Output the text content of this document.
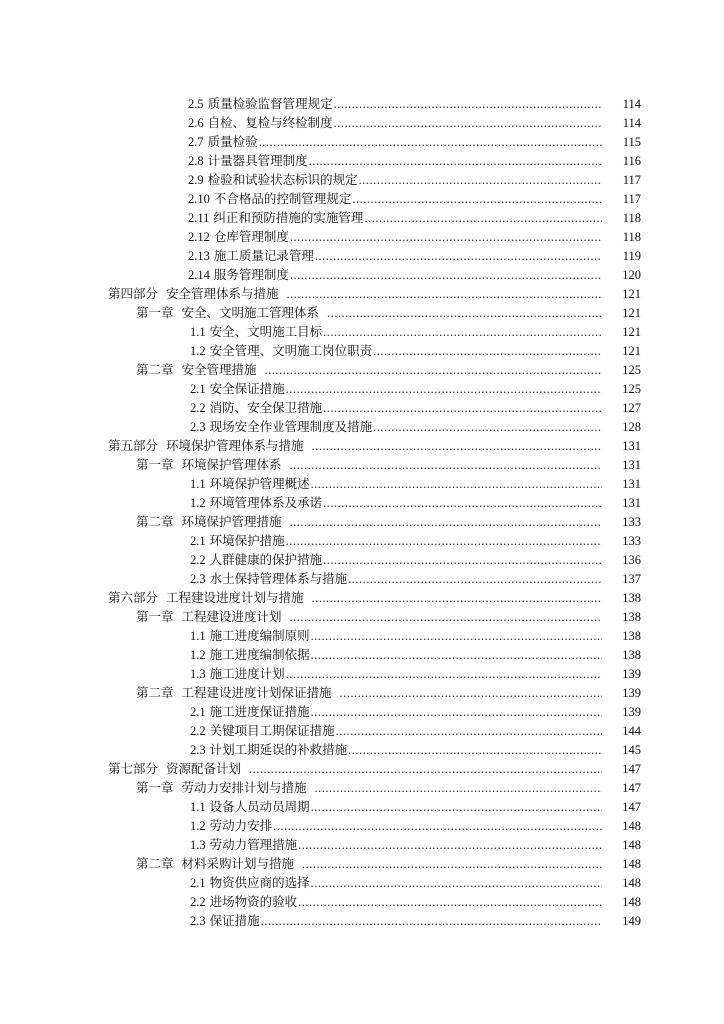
2.5 质量检验监督管理规定 .....	114
2.6 自检、复检与终检制度 .....	114
2.7 质量检验 .....	115
2.8 计量器具管理制度 .....	116
2.9 检验和试验状态标识的规定 .....	117
2.10 不合格品的控制管理规定 .....	117
2.11 纠正和预防措施的实施管理 .....	118
2.12 仓库管理制度 .....	118
2.13 施工质量记录管理 .....	119
2.14 服务管理制度 .....	120
第四部分 安全管理体系与措施 .....	121
第一章 安全、文明施工管理体系 .....	121
1.1 安全、文明施工目标 .....	121
1.2 安全管理、文明施工岗位职责 .....	121
第二章 安全管理措施 .....	125
2.1 安全保证措施 .....	125
2.2 消防、安全保卫措施 .....	127
2.3 现场安全作业管理制度及措施 .....	128
第五部分 环境保护管理体系与措施 .....	131
第一章 环境保护管理体系 .....	131
1.1 环境保护管理概述 .....	131
1.2 环境管理体系及承诺 .....	131
第二章 环境保护管理措施 .....	133
2.1 环境保护措施 .....	133
2.2 人群健康的保护措施 .....	136
2.3 水土保持管理体系与措施 .....	137
第六部分 工程建设进度计划与措施 .....	138
第一章 工程建设进度计划 .....	138
1.1 施工进度编制原则 .....	138
1.2 施工进度编制依据 .....	138
1.3 施工进度计划 .....	139
第二章 工程建设进度计划保证措施 .....	139
2.1 施工进度保证措施 .....	139
2.2 关键项目工期保证措施 .....	144
2.3 计划工期延误的补救措施 .....	145
第七部分 资源配备计划 .....	147
第一章 劳动力安排计划与措施 .....	147
1.1 设备人员动员周期 .....	147
1.2 劳动力安排 .....	148
1.3 劳动力管理措施 .....	148
第二章 材料采购计划与措施 .....	148
2.1 物资供应商的选择 .....	148
2.2 进场物资的验收 .....	148
2.3 保证措施 .....	149
